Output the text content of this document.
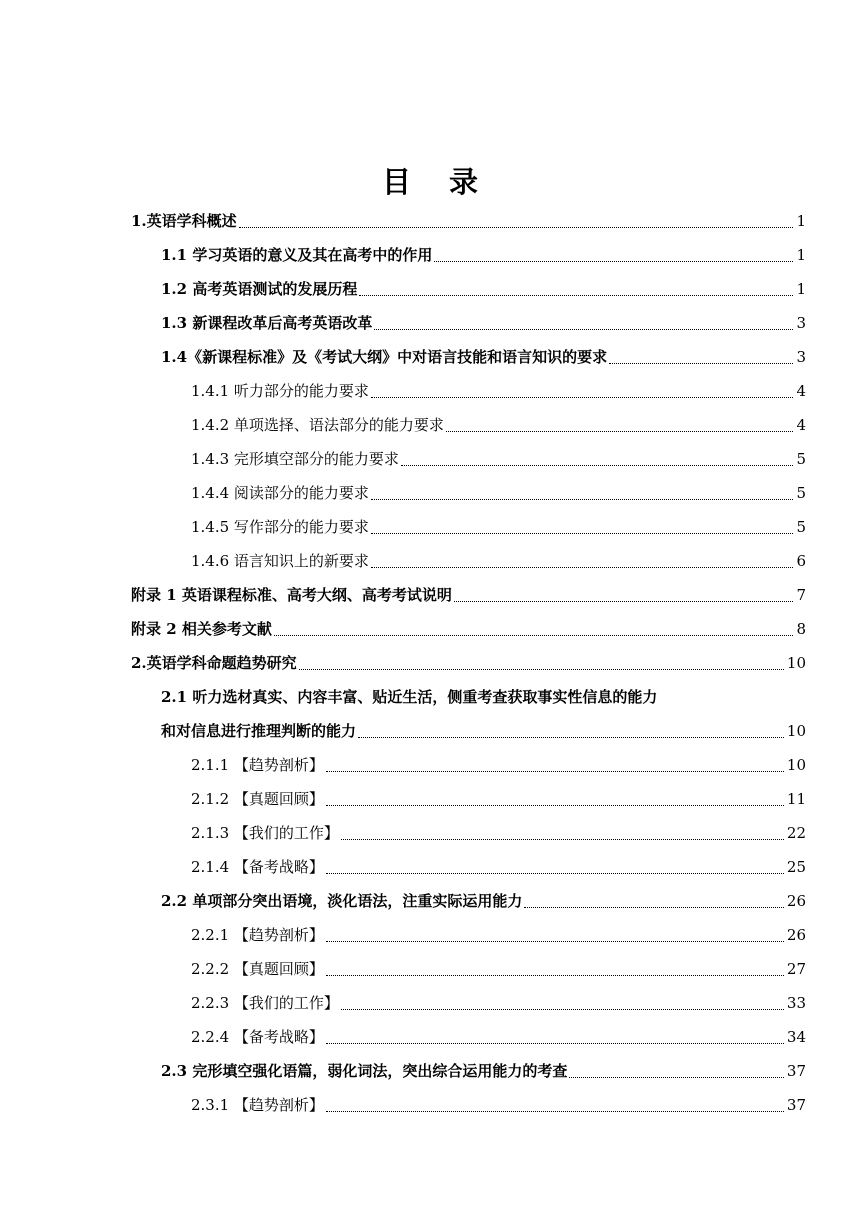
目 录
1.英语学科概述	1
1.1 学习英语的意义及其在高考中的作用	1
1.2 高考英语测试的发展历程	1
1.3 新课程改革后高考英语改革	3
1.4《新课程标准》及《考试大纲》中对语言技能和语言知识的要求	3
1.4.1 听力部分的能力要求	4
1.4.2 单项选择、语法部分的能力要求	4
1.4.3 完形填空部分的能力要求	5
1.4.4 阅读部分的能力要求	5
1.4.5 写作部分的能力要求	5
1.4.6 语言知识上的新要求	6
附录 1 英语课程标准、高考大纲、高考考试说明	7
附录 2 相关参考文献	8
2.英语学科命题趋势研究	10
2.1 听力选材真实、内容丰富、贴近生活，侧重考查获取事实性信息的能力
和对信息进行推理判断的能力	10
2.1.1 【趋势剖析】	10
2.1.2 【真题回顾】	11
2.1.3 【我们的工作】	22
2.1.4 【备考战略】	25
2.2 单项部分突出语境，淡化语法，注重实际运用能力	26
2.2.1 【趋势剖析】	26
2.2.2 【真题回顾】	27
2.2.3 【我们的工作】	33
2.2.4 【备考战略】	34
2.3 完形填空强化语篇，弱化词法，突出综合运用能力的考查	37
2.3.1 【趋势剖析】	37
